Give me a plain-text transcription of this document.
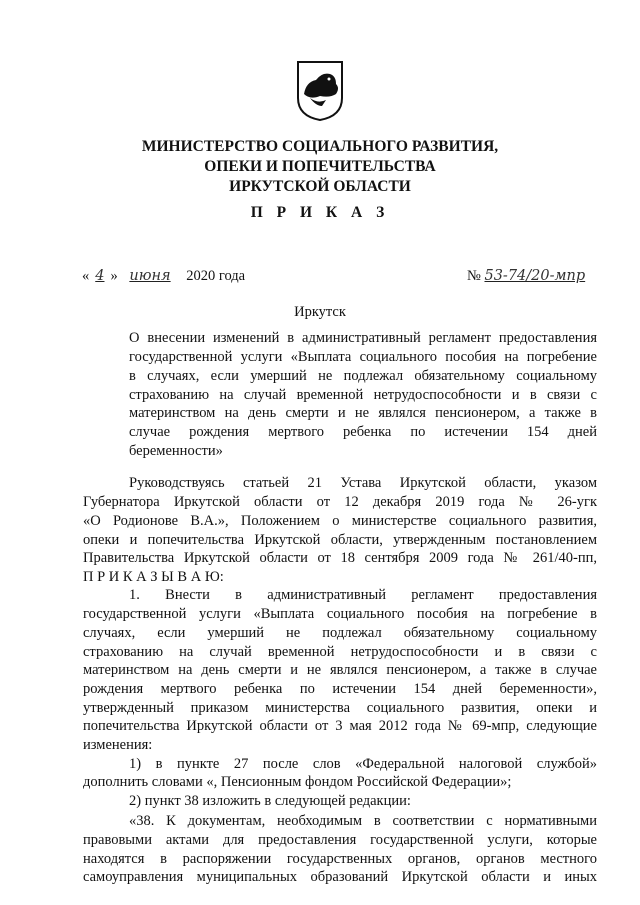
МИНИСТЕРСТВО СОЦИАЛЬНОГО РАЗВИТИЯ,
ОПЕКИ И ПОПЕЧИТЕЛЬСТВА
ИРКУТСКОЙ ОБЛАСТИ
П Р И К А З
« 4 » июня 2020 года	№ 53-74/20-мпр
Иркутск
О внесении изменений в административный регламент предоставления
государственной услуги «Выплата социального пособия на погребение
в случаях, если умерший не подлежал обязательному социальному
страхованию на случай временной нетрудоспособности и в связи с
материнством на день смерти и не являлся пенсионером, а также в
случае рождения мертвого ребенка по истечении 154 дней
беременности»
Руководствуясь статьей 21 Устава Иркутской области, указом
Губернатора Иркутской области от 12 декабря 2019 года № 26-угк
«О Родионове В.А.», Положением о министерстве социального развития,
опеки и попечительства Иркутской области, утвержденным постановлением
Правительства Иркутской области от 18 сентября 2009 года № 261/40-пп,
П Р И К А З Ы В А Ю:
1. Внести в административный регламент предоставления
государственной услуги «Выплата социального пособия на погребение в
случаях, если умерший не подлежал обязательному социальному
страхованию на случай временной нетрудоспособности и в связи с
материнством на день смерти и не являлся пенсионером, а также в случае
рождения мертвого ребенка по истечении 154 дней беременности»,
утвержденный приказом министерства социального развития, опеки и
попечительства Иркутской области от 3 мая 2012 года № 69-мпр, следующие
изменения:
1) в пункте 27 после слов «Федеральной налоговой службой»
дополнить словами «, Пенсионным фондом Российской Федерации»;
2) пункт 38 изложить в следующей редакции:
«38. К документам, необходимым в соответствии с нормативными
правовыми актами для предоставления государственной услуги, которые
находятся в распоряжении государственных органов, органов местного
самоуправления муниципальных образований Иркутской области и иных
